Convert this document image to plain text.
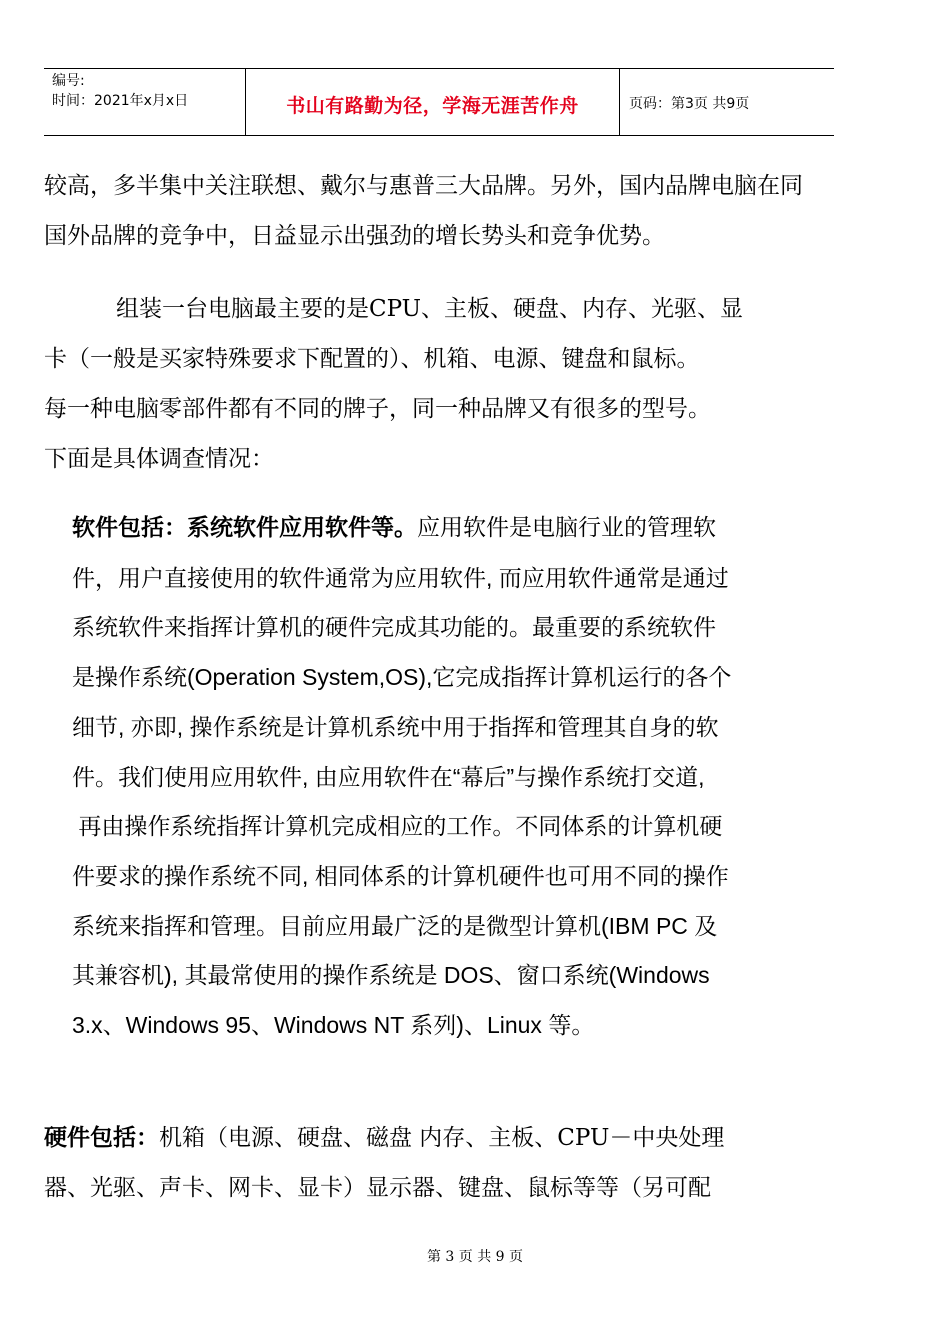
编号:
时间：2021年x月x日	书山有路勤为径，学海无涯苦作舟	页码：第3页 共9页
较高，多半集中关注联想、戴尔与惠普三大品牌。另外，国内品牌电脑在同
国外品牌的竞争中，日益显示出强劲的增长势头和竞争优势。
组装一台电脑最主要的是CPU、主板、硬盘、内存、光驱、显
卡（一般是买家特殊要求下配置的）、机箱、电源、键盘和鼠标。
每一种电脑零部件都有不同的牌子，同一种品牌又有很多的型号。
下面是具体调查情况：
软件包括：系统软件应用软件等。应用软件是电脑行业的管理软
件，用户直接使用的软件通常为应用软件, 而应用软件通常是通过
系统软件来指挥计算机的硬件完成其功能的。最重要的系统软件
是操作系统(Operation System,OS),它完成指挥计算机运行的各个
细节, 亦即, 操作系统是计算机系统中用于指挥和管理其自身的软
件。我们使用应用软件, 由应用软件在“幕后”与操作系统打交道,
再由操作系统指挥计算机完成相应的工作。不同体系的计算机硬
件要求的操作系统不同, 相同体系的计算机硬件也可用不同的操作
系统来指挥和管理。目前应用最广泛的是微型计算机(IBM PC 及
其兼容机), 其最常使用的操作系统是 DOS、窗口系统(Windows
3.x、Windows 95、Windows NT 系列)、Linux 等。
硬件包括：机箱（电源、硬盘、磁盘 内存、主板、CPU－中央处理
器、光驱、声卡、网卡、显卡）显示器、键盘、鼠标等等（另可配
第 3 页 共 9 页
